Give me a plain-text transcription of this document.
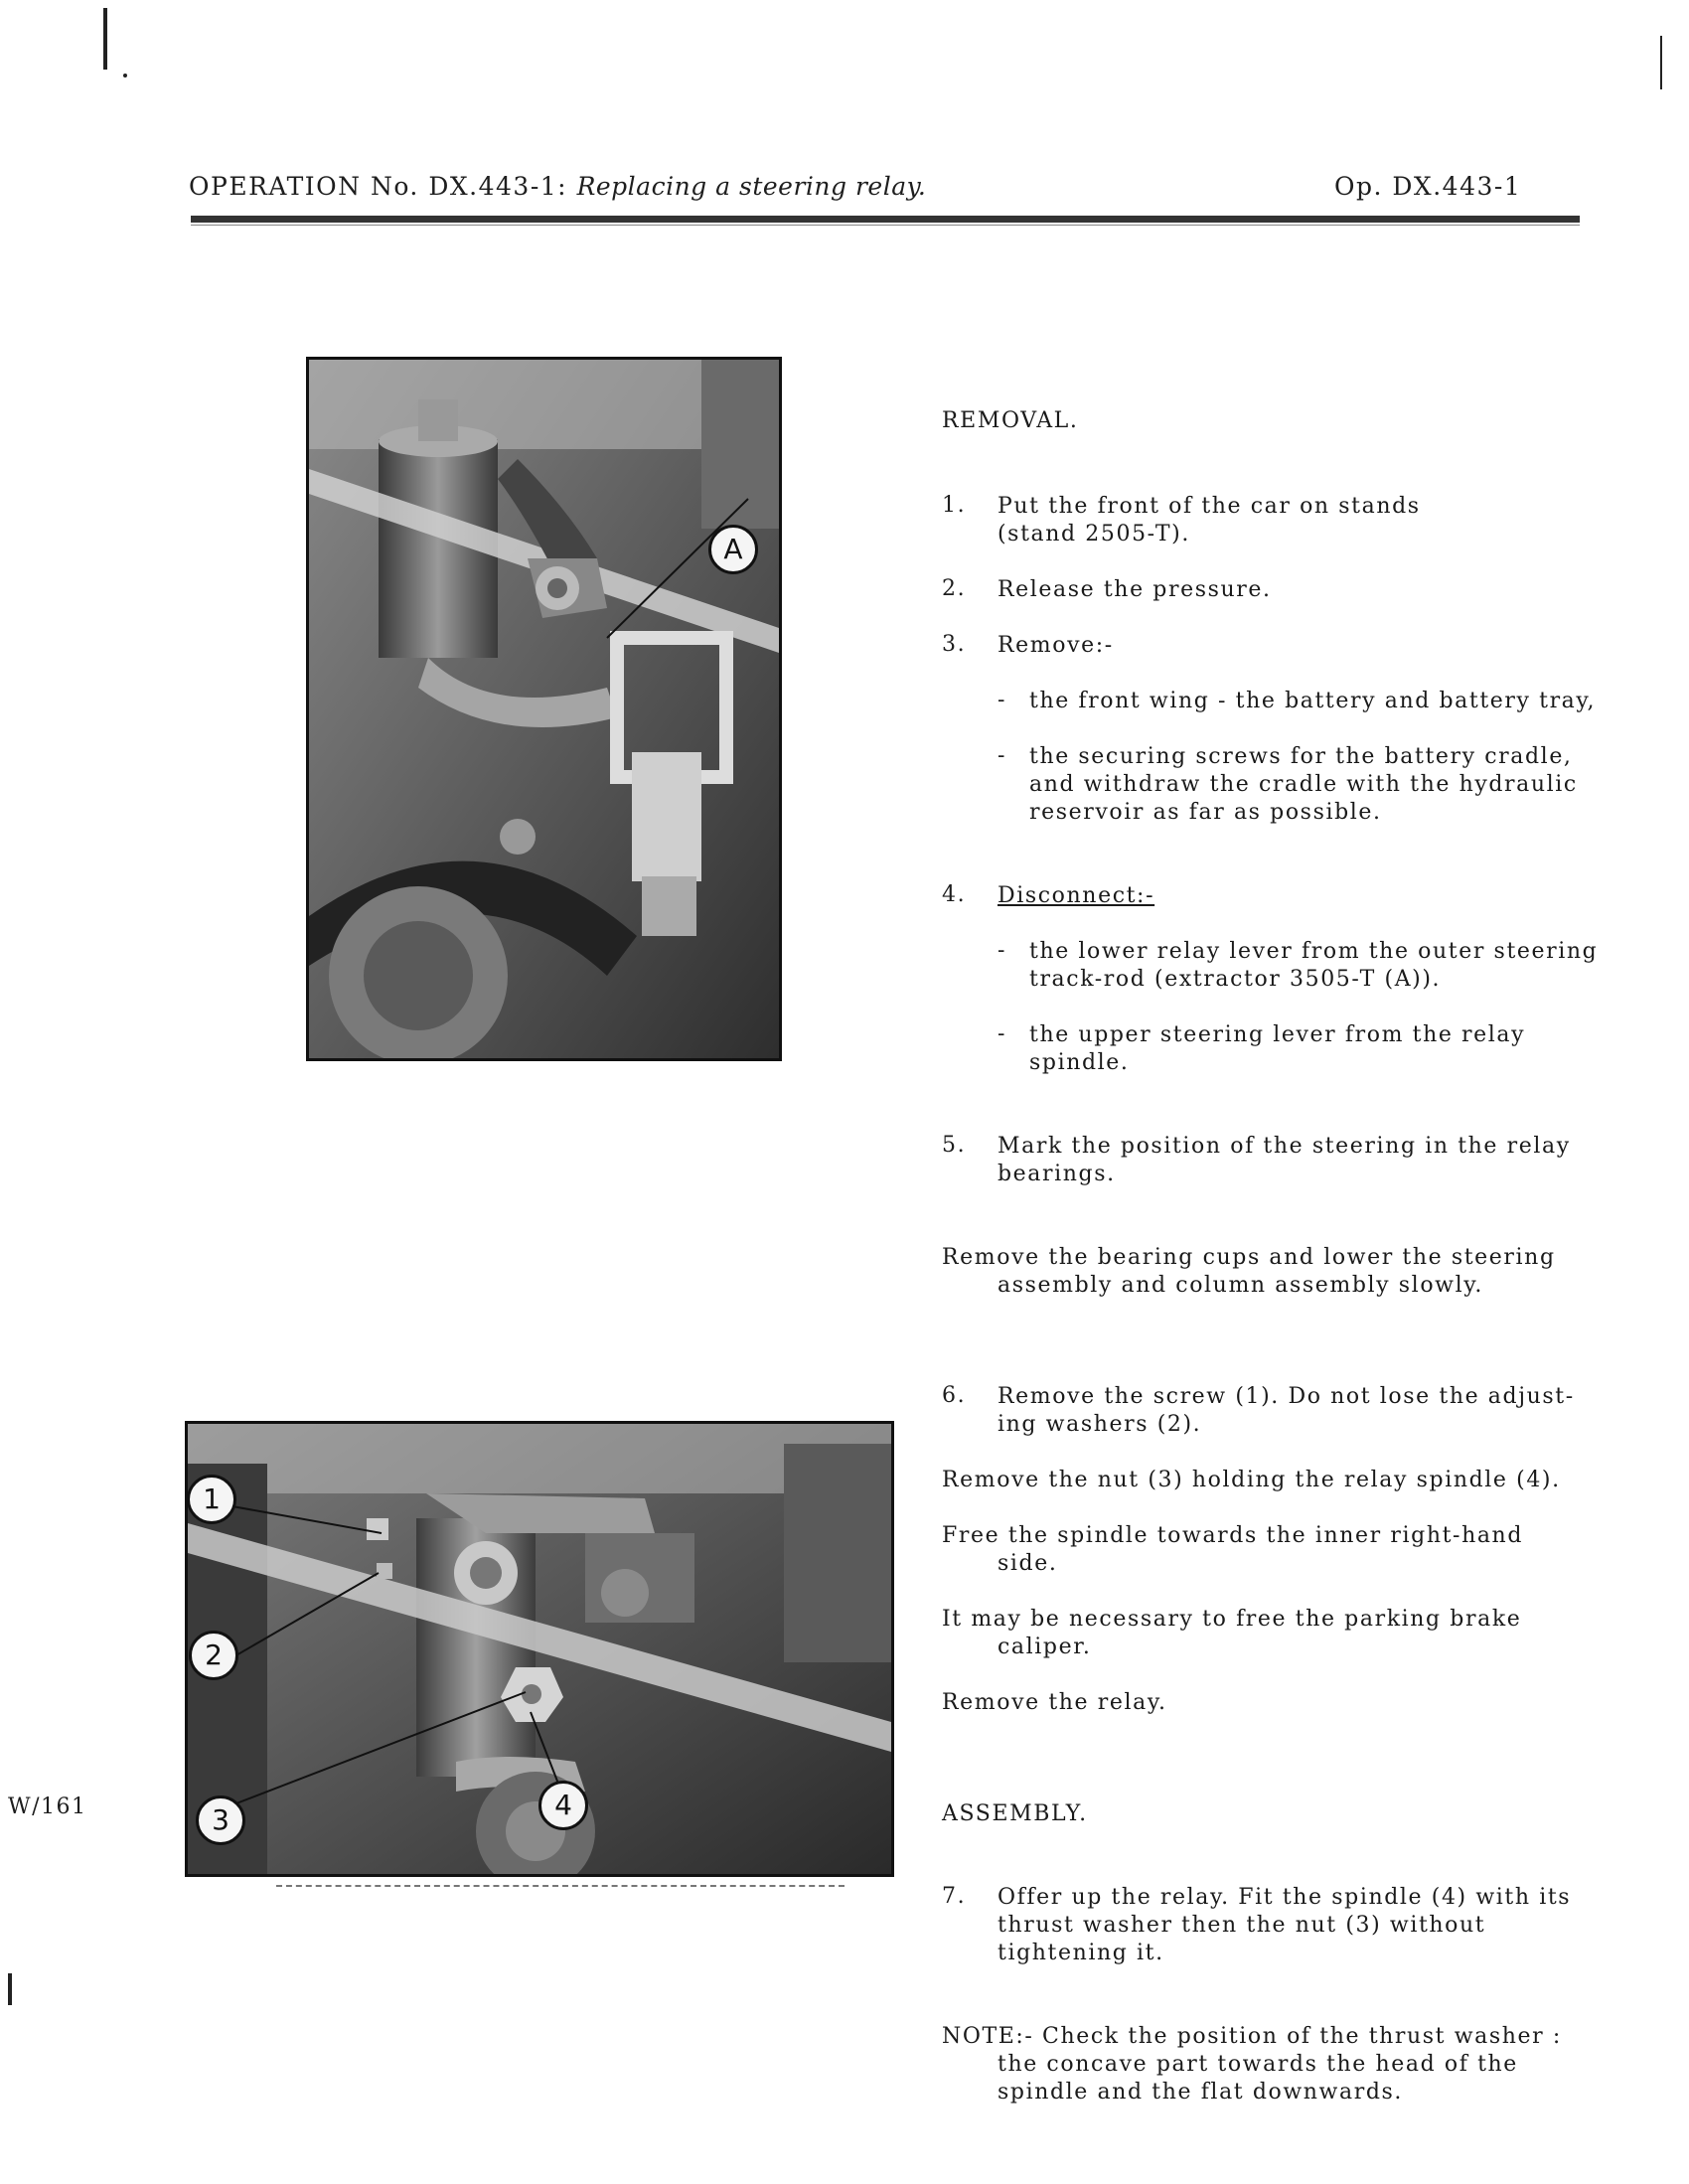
OPERATION No. DX.443-1: Replacing a steering relay.	Op. DX.443-1
A
1
2
3	4
W/161
REMOVAL.
1. Put the front of the car on stands
(stand 2505-T).
2. Release the pressure.
3. Remove:-
- the front wing - the battery and battery tray,
- the securing screws for the battery cradle,
and withdraw the cradle with the hydraulic
reservoir as far as possible.
4. Disconnect:-
- the lower relay lever from the outer steering
track-rod (extractor 3505-T (A)).
- the upper steering lever from the relay
spindle.
5. Mark the position of the steering in the relay
bearings.
Remove the bearing cups and lower the steering
assembly and column assembly slowly.
6. Remove the screw (1). Do not lose the adjust-
ing washers (2).
Remove the nut (3) holding the relay spindle (4).
Free the spindle towards the inner right-hand
side.
It may be necessary to free the parking brake
caliper.
Remove the relay.
ASSEMBLY.
7. Offer up the relay. Fit the spindle (4) with its
thrust washer then the nut (3) without
tightening it.
NOTE:- Check the position of the thrust washer :
the concave part towards the head of the
spindle and the flat downwards.
